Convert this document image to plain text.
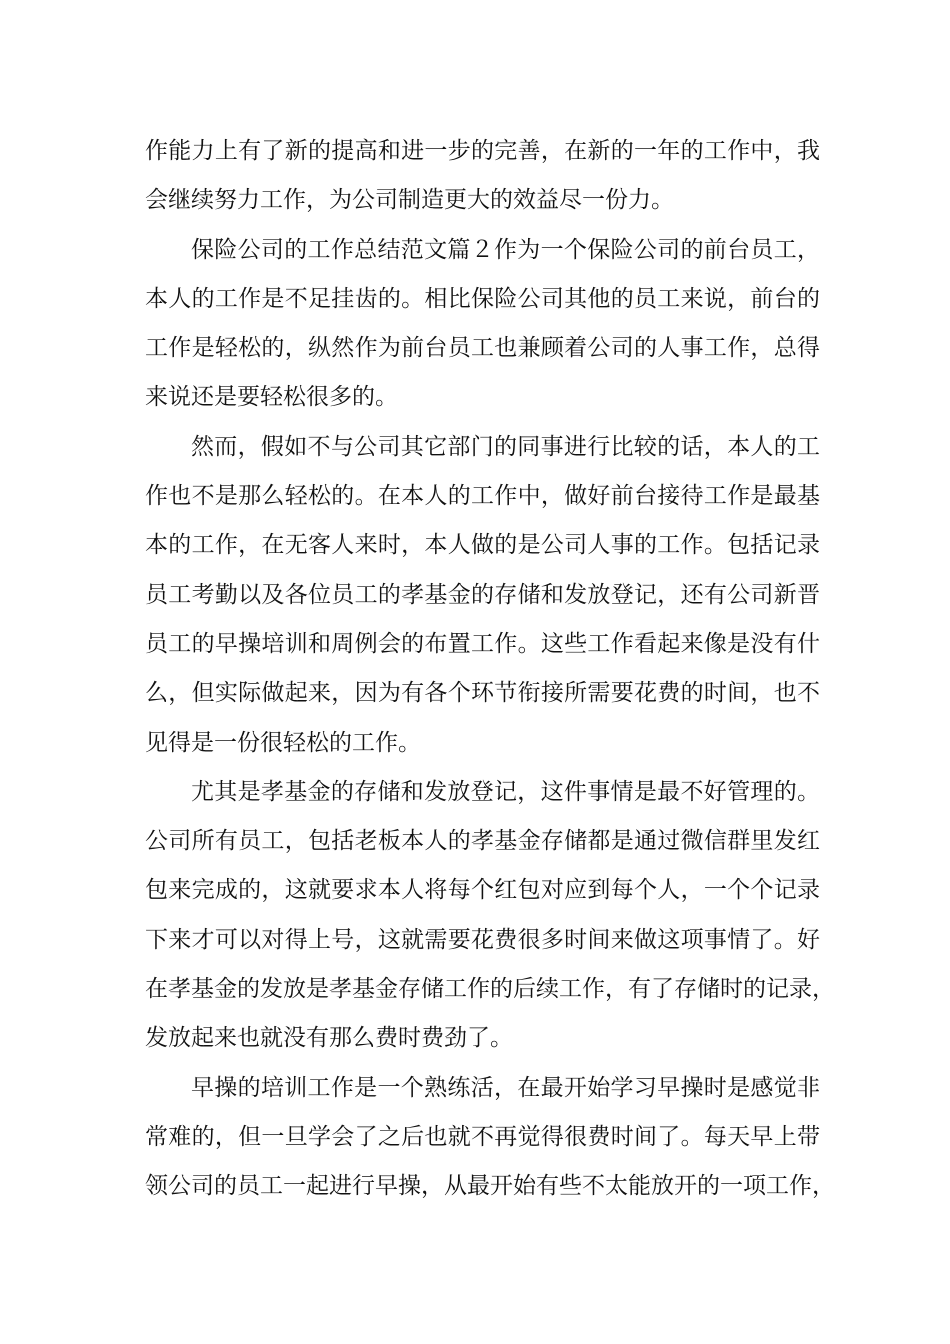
作能力上有了新的提高和进一步的完善，在新的一年的工作中，我
会继续努力工作，为公司制造更大的效益尽一份力。
保险公司的工作总结范文篇２作为一个保险公司的前台员工，
本人的工作是不足挂齿的。相比保险公司其他的员工来说，前台的
工作是轻松的，纵然作为前台员工也兼顾着公司的人事工作，总得
来说还是要轻松很多的。
然而，假如不与公司其它部门的同事进行比较的话，本人的工
作也不是那么轻松的。在本人的工作中，做好前台接待工作是最基
本的工作，在无客人来时，本人做的是公司人事的工作。包括记录
员工考勤以及各位员工的孝基金的存储和发放登记，还有公司新晋
员工的早操培训和周例会的布置工作。这些工作看起来像是没有什
么，但实际做起来，因为有各个环节衔接所需要花费的时间，也不
见得是一份很轻松的工作。
尤其是孝基金的存储和发放登记，这件事情是最不好管理的。
公司所有员工，包括老板本人的孝基金存储都是通过微信群里发红
包来完成的，这就要求本人将每个红包对应到每个人，一个个记录
下来才可以对得上号，这就需要花费很多时间来做这项事情了。好
在孝基金的发放是孝基金存储工作的后续工作，有了存储时的记录，
发放起来也就没有那么费时费劲了。
早操的培训工作是一个熟练活，在最开始学习早操时是感觉非
常难的，但一旦学会了之后也就不再觉得很费时间了。每天早上带
领公司的员工一起进行早操，从最开始有些不太能放开的一项工作，
